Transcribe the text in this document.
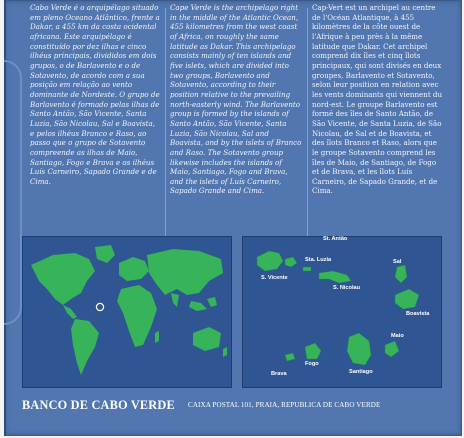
Cabo Verde é o arquipélago situado em pleno Oceano Atlântico, frente a Dakar, a 455 km da costa ocidental africana. Este arquipélago é constituído por dez ilhas e cinco ilhéus principais, divididos em dois grupos, o de Barlavento e o de Sotavento, de acordo com a sua posição em relação ao vento dominante de Nordeste. O grupo de Barlavento é formado pelas ilhas de Santo Antão, São Vicente, Santa Luzia, São Nicolau, Sal e Boavista, e pelos ilhéus Branco e Raso, ao passo que o grupo de Sotavento compreende as ilhas de Maio, Santiago, Fogo e Brava e os ilhéus Luís Carneiro, Sapado Grande e de Cima.
Cape Verde is the archipelago right in the middle of the Atlantic Ocean, 455 kilometres from the west coast of Africa, on roughly the same latitude as Dakar. This archipelago consists mainly of ten islands and five islets, which are divided into two groups, Barlavento and Sotavento, according to their position relative to the prevailing north-easterly wind. The Barlavento group is formed by the islands of Santo Antão, São Vicente, Santa Luzia, São Nicolau, Sal and Boavista, and by the islets of Branco and Raso. The Sotavento group likewise includes the islands of Maio, Santiago, Fogo and Brava, and the islets of Luís Carneiro, Sapado Grande and Cima.
Cap-Vert est un archipel au centre de l'Océan Atlantique, à 455 kilomètres de la côte ouest de l'Afrique à peu près à la même latitude que Dakar. Cet archipel comprend dix îles et cinq îlots principaux, qui sont divisés en deux groupes, Barlavento et Sotavento, selon leur position en relation avec les vents dominants qui viennent du nord-est. Le groupe Barlavento est formé des îles de Santo Antão, de São Vicente, de Santa Luzia, de São Nicolau, de Sal et de Boavista, et des îlots Branco et Raso, alors que le groupe Sotavento comprend les îles de Maio, de Santiago, de Fogo et de Brava, et les îlots Luís Carneiro, de Sapado Grande, et de Cima.
St. Antão
Sta. Luzia
S. Vicente
S. Nicolau
Sal
Boavista
Maio
Fogo
Brava	Santiago
BANCO DE CABO VERDE CAIXA POSTAL 101, PRAIA, REPUBLICA DE CABO VERDE
